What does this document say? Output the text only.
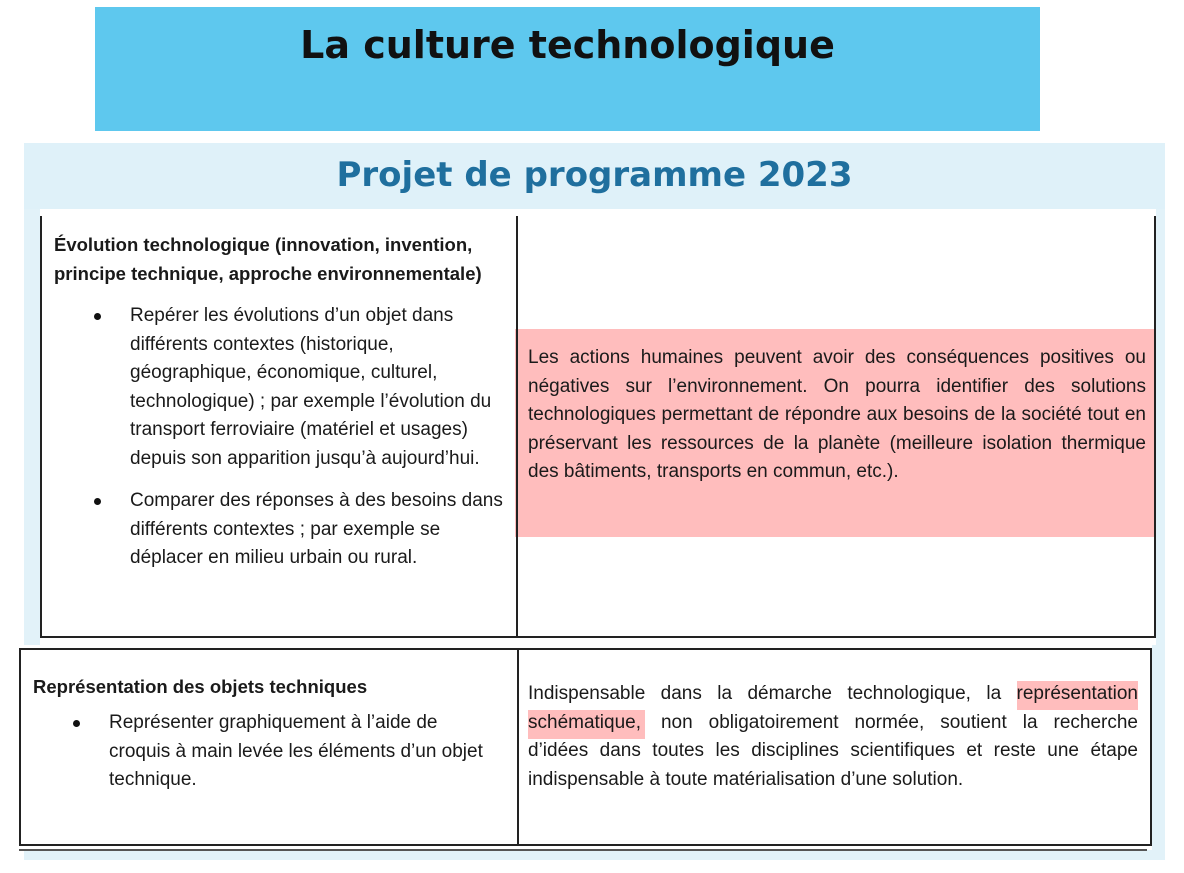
La culture technologique
Projet de programme 2023
Évolution technologique (innovation, invention, principe technique, approche environnementale)
Repérer les évolutions d’un objet dans différents contextes (historique, géographique, économique, culturel, technologique) ; par exemple l’évolution du transport ferroviaire (matériel et usages) depuis son apparition jusqu’à aujourd’hui.
Comparer des réponses à des besoins dans différents contextes ; par exemple se déplacer en milieu urbain ou rural.
Les actions humaines peuvent avoir des conséquences positives ou négatives sur l’environnement. On pourra identifier des solutions technologiques permettant de répondre aux besoins de la société tout en préservant les ressources de la planète (meilleure isolation thermique des bâtiments, transports en commun, etc.).
Représentation des objets techniques
Représenter graphiquement à l’aide de croquis à main levée les éléments d’un objet technique.
Indispensable dans la démarche technologique, la représentation schématique, non obligatoirement normée, soutient la recherche d’idées dans toutes les disciplines scientifiques et reste une étape indispensable à toute matérialisation d’une solution.
